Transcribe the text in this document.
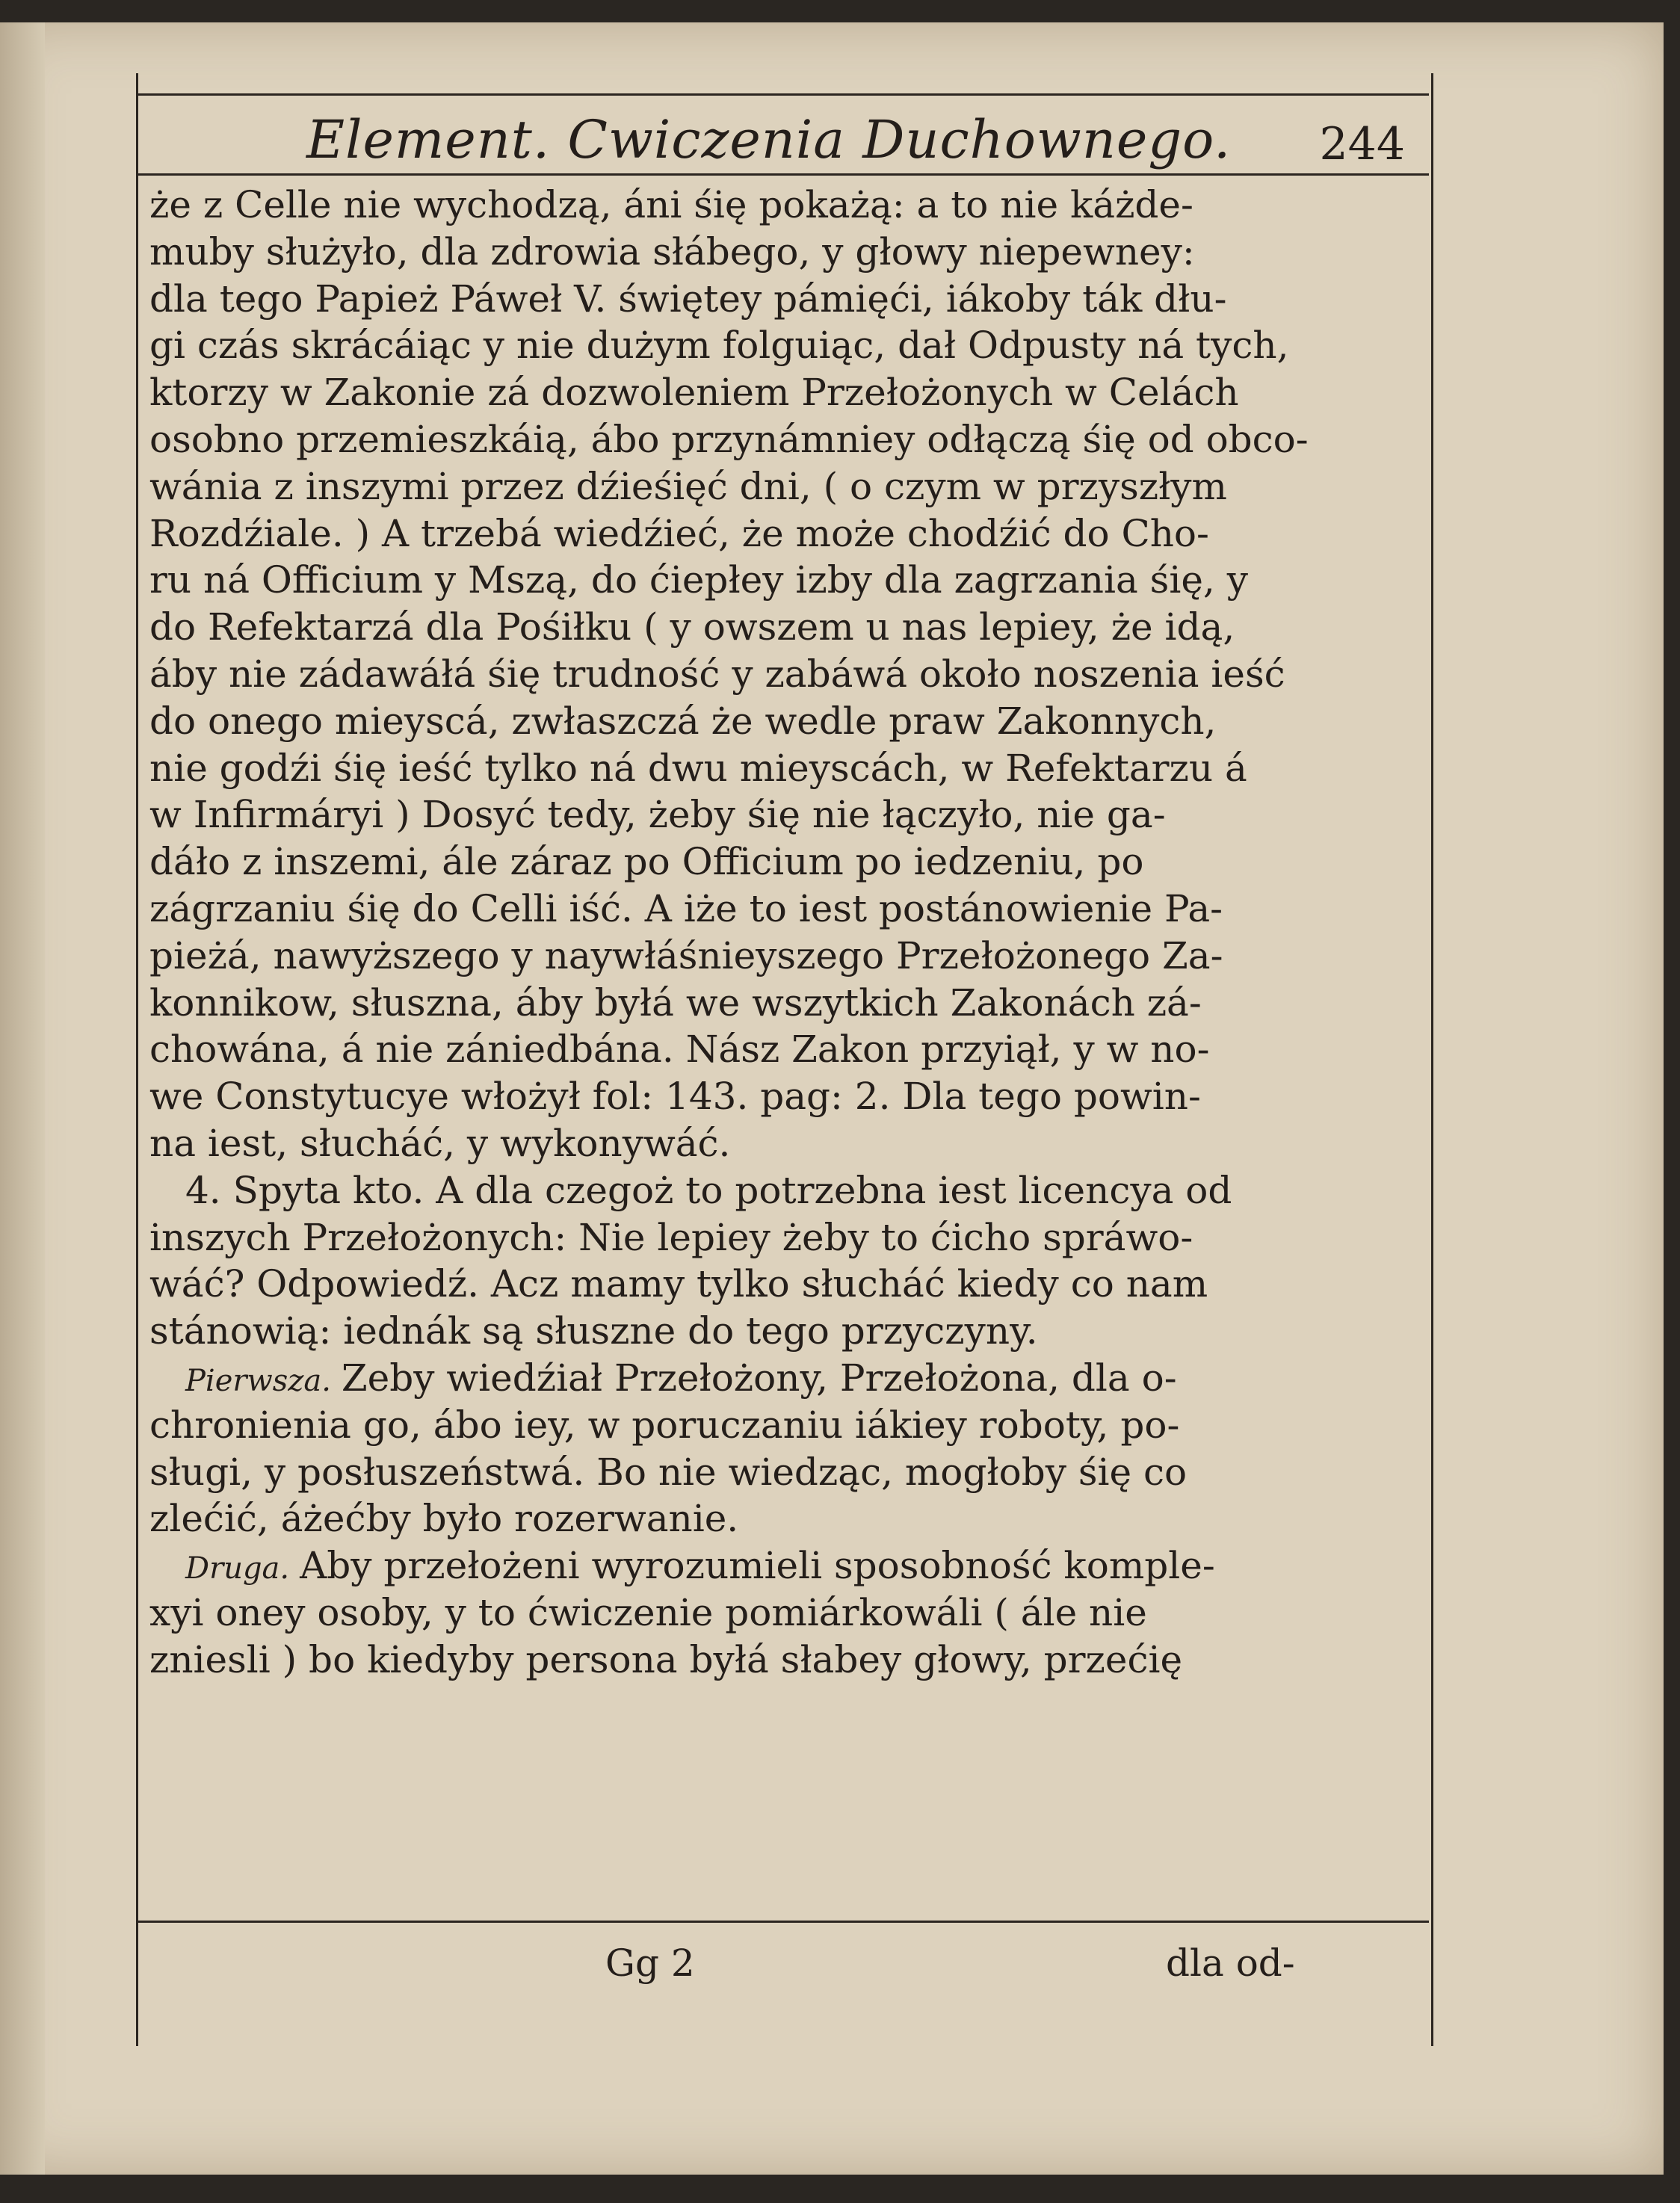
Element. Cwiczenia Duchownego. 244
że z Celle nie wychodzą, áni śię pokażą: a to nie káżde-
muby służyło, dla zdrowia słábego, y głowy niepewney:
dla tego Papież Páweł V. świętey pámięći, iákoby ták dłu-
gi czás skrácáiąc y nie dużym folguiąc, dał Odpusty ná tych,
ktorzy w Zakonie zá dozwoleniem Przełożonych w Celách
osobno przemieszkáią, ábo przynámniey odłączą śię od obco-
wánia z inszymi przez dźieśięć dni, ( o czym w przyszłym
Rozdźiale. ) A trzebá wiedźieć, że może chodźić do Cho-
ru ná Officium y Mszą, do ćiepłey izby dla zagrzania śię, y
do Refektarzá dla Pośiłku ( y owszem u nas lepiey, że idą,
áby nie zádawáłá śię trudność y zabáwá około noszenia ieść
do onego mieyscá, zwłaszczá że wedle praw Zakonnych,
nie godźi śię ieść tylko ná dwu mieyscách, w Refektarzu á
w Infirmáryi ) Dosyć tedy, żeby śię nie łączyło, nie ga-
dáło z inszemi, ále záraz po Officium po iedzeniu, po
zágrzaniu śię do Celli iść. A iże to iest postánowienie Pa-
pieżá, nawyższego y naywłáśnieyszego Przełożonego Za-
konnikow, słuszna, áby byłá we wszytkich Zakonách zá-
chowána, á nie zániedbána. Nász Zakon przyiął, y w no-
we Constytucye włożył fol: 143. pag: 2. Dla tego powin-
na iest, słucháć, y wykonywáć.
4. Spyta kto. A dla czegoż to potrzebna iest licencya od
inszych Przełożonych: Nie lepiey żeby to ćicho spráwo-
wáć? Odpowiedź. Acz mamy tylko słucháć kiedy co nam
stánowią: iednák są słuszne do tego przyczyny.
Pierwsza. Zeby wiedźiał Przełożony, Przełożona, dla o-
chronienia go, ábo iey, w poruczaniu iákiey roboty, po-
sługi, y posłuszeństwá. Bo nie wiedząc, mogłoby śię co
zlećić, áżećby było rozerwanie.
Druga. Aby przełożeni wyrozumieli sposobność komple-
xyi oney osoby, y to ćwiczenie pomiárkowáli ( ále nie
zniesli ) bo kiedyby persona byłá słabey głowy, przećię
Gg 2	dla od-
